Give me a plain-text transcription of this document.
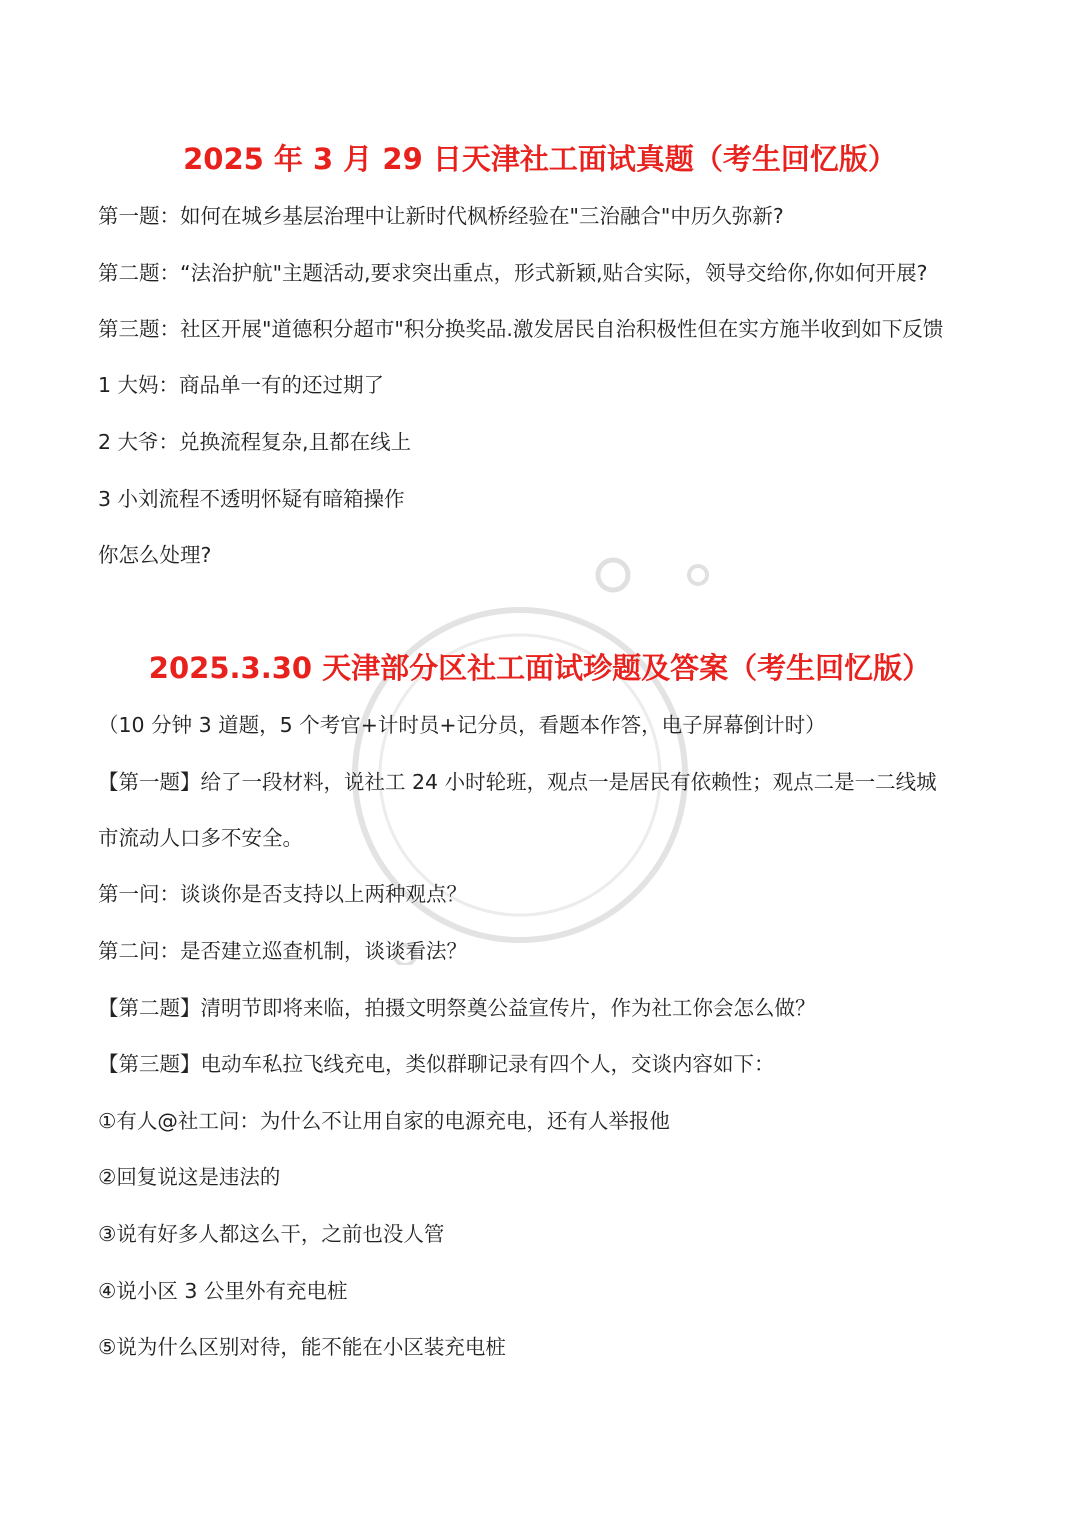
2025 年 3 月 29 日天津社工面试真题（考生回忆版）
第一题：如何在城乡基层治理中让新时代枫桥经验在"三治融合"中历久弥新?
第二题：“法治护航"主题活动,要求突出重点，形式新颖,贴合实际，领导交给你,你如何开展?
第三题：社区开展"道德积分超市"积分换奖品.激发居民自治积极性但在实方施半收到如下反馈
1 大妈：商品单一有的还过期了
2 大爷：兑换流程复杂,且都在线上
3 小刘流程不透明怀疑有暗箱操作
你怎么处理?
2025.3.30 天津部分区社工面试珍题及答案（考生回忆版）
（10 分钟 3 道题，5 个考官+计时员+记分员，看题本作答，电子屏幕倒计时）
【第一题】给了一段材料，说社工 24 小时轮班，观点一是居民有依赖性；观点二是一二线城
市流动人口多不安全。
第一问：谈谈你是否支持以上两种观点？
第二问：是否建立巡查机制，谈谈看法？
【第二题】清明节即将来临，拍摄文明祭奠公益宣传片，作为社工你会怎么做？
【第三题】电动车私拉飞线充电，类似群聊记录有四个人，交谈内容如下：
①有人@社工问：为什么不让用自家的电源充电，还有人举报他
②回复说这是违法的
③说有好多人都这么干，之前也没人管
④说小区 3 公里外有充电桩
⑤说为什么区别对待，能不能在小区装充电桩
